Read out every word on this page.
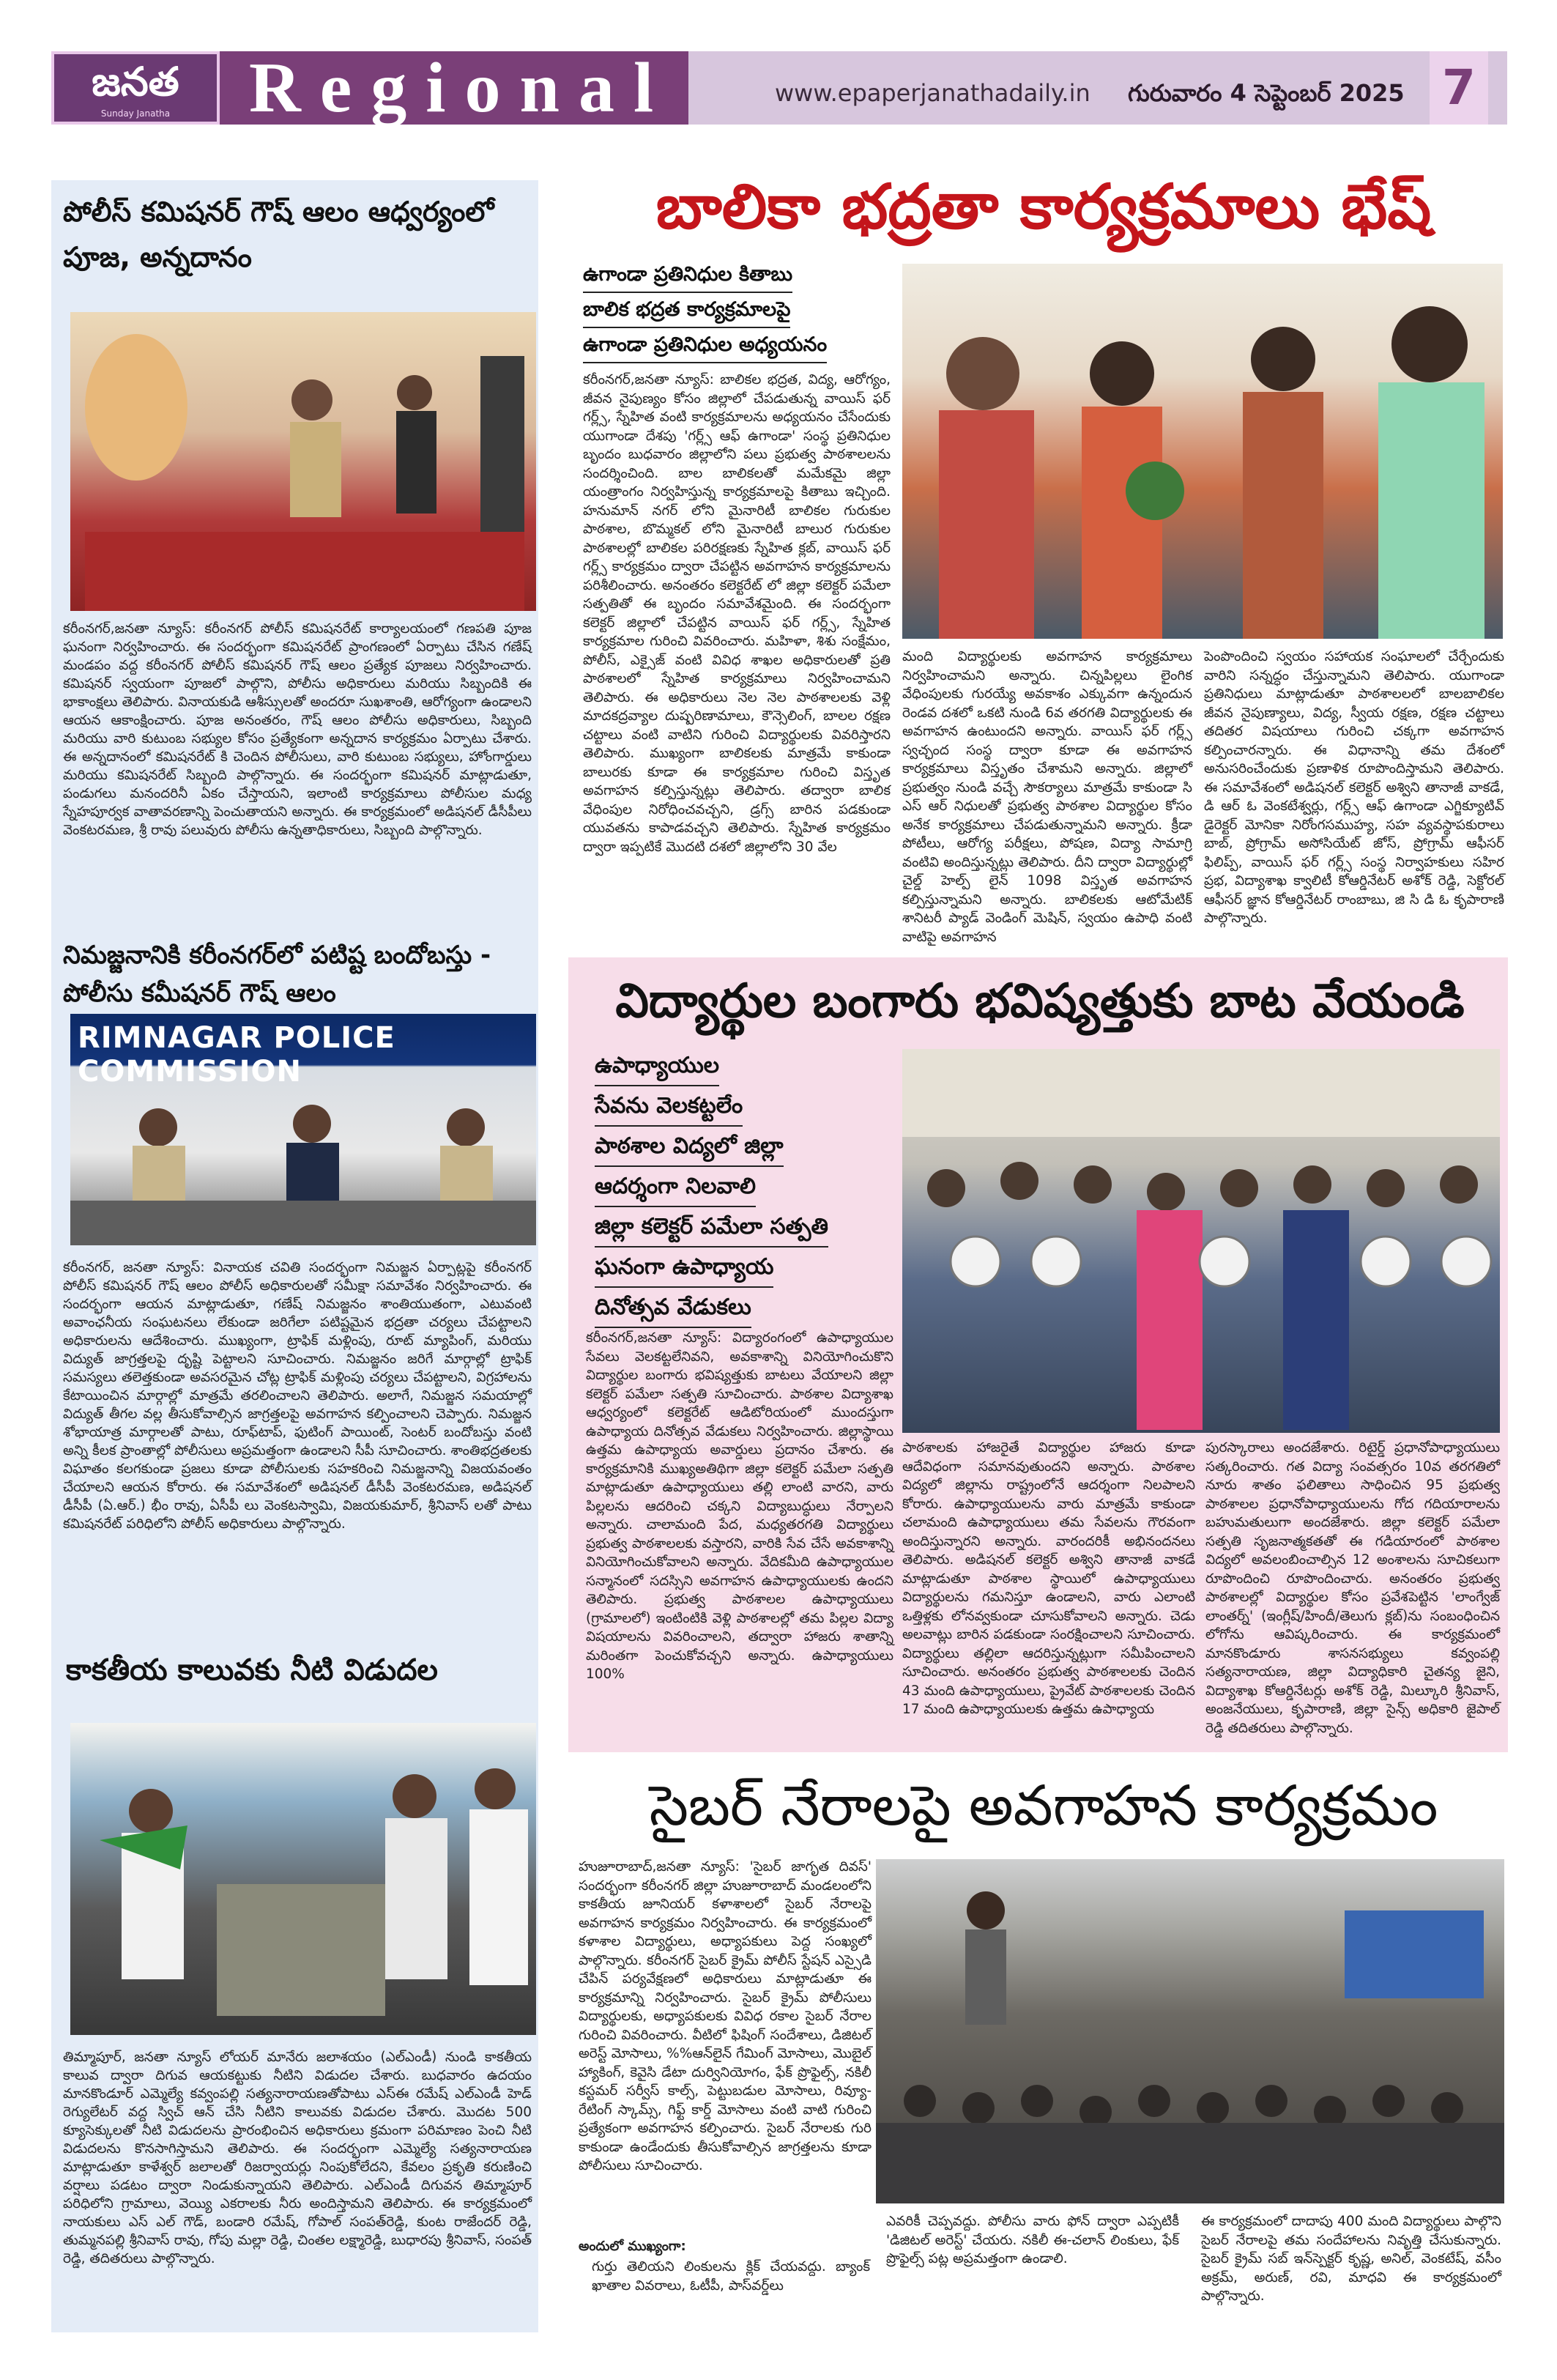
జనత
Sunday Janatha	Regional	www.epaperjanathadaily.in గురువారం 4 సెప్టెంబర్ 2025 7
పోలీస్ కమిషనర్ గౌష్ ఆలం ఆధ్వర్యంలో పూజ, అన్నదానం
కరీంనగర్,జనతా న్యూస్: కరీంనగర్ పోలీస్ కమిషనరేట్ కార్యాలయంలో గణపతి పూజ ఘనంగా నిర్వహించారు. ఈ సందర్భంగా కమిషనరేట్ ప్రాంగణంలో ఏర్పాటు చేసిన గణేష్ మండపం వద్ద కరీంనగర్ పోలీస్ కమిషనర్ గౌష్ ఆలం ప్రత్యేక పూజలు నిర్వహించారు. కమిషనర్ స్వయంగా పూజలో పాల్గొని, పోలీసు అధికారులు మరియు సిబ్బందికి ఈ భాకాంక్షలు తెలిపారు. వినాయకుడి ఆశీస్సులతో అందరూ సుఖశాంతి, ఆరోగ్యంగా ఉండాలని ఆయన ఆకాంక్షించారు. పూజ అనంతరం, గౌష్ ఆలం పోలీసు అధికారులు, సిబ్బంది మరియు వారి కుటుంబ సభ్యుల కోసం ప్రత్యేకంగా అన్నదాన కార్యక్రమం ఏర్పాటు చేశారు. ఈ అన్నదానంలో కమిషనరేట్ కి చెందిన పోలీసులు, వారి కుటుంబ సభ్యులు, హోంగార్డులు మరియు కమిషనరేట్ సిబ్బంది పాల్గొన్నారు. ఈ సందర్భంగా కమిషనర్ మాట్లాడుతూ, పండుగలు మనందరినీ ఏకం చేస్తాయని, ఇలాంటి కార్యక్రమాలు పోలీసుల మధ్య స్నేహపూర్వక వాతావరణాన్ని పెంచుతాయని అన్నారు. ఈ కార్యక్రమంలో అడిషనల్ డీసీపీలు వెంకటరమణ, శ్రీ రావు పలువురు పోలీసు ఉన్నతాధికారులు, సిబ్బంది పాల్గొన్నారు.
నిమజ్జనానికి కరీంనగర్‌లో పటిష్ట బందోబస్తు - పోలీసు కమీషనర్ గౌష్ ఆలం
RIMNAGAR POLICE COMMISSION
కరీంనగర్, జనతా న్యూస్: వినాయక చవితి సందర్భంగా నిమజ్జన ఏర్పాట్లపై కరీంనగర్ పోలీస్ కమిషనర్ గౌష్ ఆలం పోలీస్ అధికారులతో సమీక్షా సమావేశం నిర్వహించారు. ఈ సందర్భంగా ఆయన మాట్లాడుతూ, గణేష్ నిమజ్జనం శాంతియుతంగా, ఎటువంటి అవాంఛనీయ సంఘటనలు లేకుండా జరిగేలా పటిష్టమైన భద్రతా చర్యలు చేపట్టాలని అధికారులను ఆదేశించారు. ముఖ్యంగా, ట్రాఫిక్ మళ్లింపు, రూట్ మ్యాపింగ్, మరియు విద్యుత్ జాగ్రత్తలపై దృష్టి పెట్టాలని సూచించారు. నిమజ్జనం జరిగే మార్గాల్లో ట్రాఫిక్ సమస్యలు తలెత్తకుండా అవసరమైన చోట్ల ట్రాఫిక్ మళ్లింపు చర్యలు చేపట్టాలని, విగ్రహాలను కేటాయించిన మార్గాల్లో మాత్రమే తరలించాలని తెలిపారు. అలాగే, నిమజ్జన సమయాల్లో విద్యుత్ తీగల వల్ల తీసుకోవాల్సిన జాగ్రత్తలపై అవగాహన కల్పించాలని చెప్పారు. నిమజ్జన శోభాయాత్ర మార్గాలతో పాటు, రూఫ్‌టాప్, ఫుటింగ్ పాయింట్, సెంటర్ బందోబస్తు వంటి అన్ని కీలక ప్రాంతాల్లో పోలీసులు అప్రమత్తంగా ఉండాలని సీపీ సూచించారు. శాంతిభద్రతలకు విఘాతం కలగకుండా ప్రజలు కూడా పోలీసులకు సహకరించి నిమజ్జనాన్ని విజయవంతం చేయాలని ఆయన కోరారు. ఈ సమావేశంలో అడిషనల్ డీసీపీ వెంకటరమణ, అడిషనల్ డీసీపీ (ఏ.ఆర్.) భీం రావు, ఏసీపీ లు వెంకటస్వామి, విజయకుమార్, శ్రీనివాస్ లతో పాటు కమిషనరేట్ పరిధిలోని పోలీస్ అధికారులు పాల్గొన్నారు.
కాకతీయ కాలువకు నీటి విడుదల
తిమ్మాపూర్, జనతా న్యూస్ లోయర్ మానేరు జలాశయం (ఎల్‌ఎండీ) నుండి కాకతీయ కాలువ ద్వారా దిగువ ఆయకట్టుకు నీటిని విడుదల చేశారు. బుధవారం ఉదయం మానకొండూర్ ఎమ్మెల్యే కవ్వంపల్లి సత్యనారాయణతోపాటు ఎస్ఈ రమేష్ ఎల్‌ఎండీ హెడ్ రెగ్యులేటర్ వద్ద స్విచ్ ఆన్ చేసి నీటిని కాలువకు విడుదల చేశారు. మొదట 500 క్యూసెక్కులతో నీటి విడుదలను ప్రారంభించిన అధికారులు క్రమంగా పరిమాణం పెంచి నీటి విడుదలను కొనసాగిస్తామని తెలిపారు. ఈ సందర్భంగా ఎమ్మెల్యే సత్యనారాయణ మాట్లాడుతూ కాళేశ్వర్ జలాలతో రిజర్వాయర్లు నింపుకోలేదని, కేవలం ప్రకృతి కరుణించి వర్షాలు పడటం ద్వారా నిండుకున్నాయని తెలిపారు. ఎల్‌ఎండీ దిగువన తిమ్మాపూర్ పరిధిలోని గ్రామాలు, వెయ్యి ఎకరాలకు నీరు అందిస్తామని తెలిపారు. ఈ కార్యక్రమంలో నాయకులు ఎస్ ఎల్ గౌడ్, బండారి రమేష్, గోపాల్ సంపత్‌రెడ్డి, కుంట రాజేందర్ రెడ్డి, తుమ్మనపల్లి శ్రీనివాస్ రావు, గోపు మల్లా రెడ్డి, చింతల లక్ష్మారెడ్డి, బుధారపు శ్రీనివాస్, సంపత్ రెడ్డి, తదితరులు పాల్గొన్నారు.
బాలికా భద్రతా కార్యక్రమాలు భేష్
ఉగాండా ప్రతినిధుల కితాబు
బాలిక భద్రత కార్యక్రమాలపై
ఉగాండా ప్రతినిధుల అధ్యయనం
కరీంనగర్,జనతా న్యూస్: బాలికల భద్రత, విద్య, ఆరోగ్యం, జీవన నైపుణ్యం కోసం జిల్లాలో చేపడుతున్న వాయిస్ ఫర్ గర్ల్స్, స్నేహిత వంటి కార్యక్రమాలను అధ్యయనం చేసేందుకు యుగాండా దేశపు 'గర్ల్స్ ఆఫ్ ఉగాండా' సంస్థ ప్రతినిధుల బృందం బుధవారం జిల్లాలోని పలు ప్రభుత్వ పాఠశాలలను సందర్శించింది. బాల బాలికలతో మమేకమై జిల్లా యంత్రాంగం నిర్వహిస్తున్న కార్యక్రమాలపై కితాబు ఇచ్చింది. హనుమాన్ నగర్ లోని మైనారిటీ బాలికల గురుకుల పాఠశాల, బొమ్మకల్ లోని మైనారిటీ బాలుర గురుకుల పాఠశాలల్లో బాలికల పరిరక్షణకు స్నేహిత క్లబ్, వాయిస్ ఫర్ గర్ల్స్ కార్యక్రమం ద్వారా చేపట్టిన అవగాహన కార్యక్రమాలను పరిశీలించారు. అనంతరం కలెక్టరేట్ లో జిల్లా కలెక్టర్ పమేలా సత్పతితో ఈ బృందం సమావేశమైంది. ఈ సందర్భంగా కలెక్టర్ జిల్లాలో చేపట్టిన వాయిస్ ఫర్ గర్ల్స్, స్నేహిత కార్యక్రమాల గురించి వివరించారు. మహిళా, శిశు సంక్షేమం, పోలీస్, ఎక్సైజ్ వంటి వివిధ శాఖల అధికారులతో ప్రతి పాఠశాలలో స్నేహిత కార్యక్రమాలు నిర్వహించామని తెలిపారు. ఈ అధికారులు నెల నెల పాఠశాలలకు వెళ్లి మాదకద్రవ్యాల దుష్పరిణామాలు, కౌన్సెలింగ్, బాలల రక్షణ చట్టాలు వంటి వాటిని గురించి విద్యార్థులకు వివరిస్తారని తెలిపారు. ముఖ్యంగా బాలికలకు మాత్రమే కాకుండా బాలురకు కూడా ఈ కార్యక్రమాల గురించి విస్తృత అవగాహన కల్పిస్తున్నట్లు తెలిపారు. తద్వారా బాలిక వేధింపుల నిరోధించవచ్చని, డ్రగ్స్ బారిన పడకుండా యువతను కాపాడవచ్చని తెలిపారు. స్నేహిత కార్యక్రమం ద్వారా ఇప్పటికే మొదటి దశలో జిల్లాలోని 30 వేల
మంది విద్యార్థులకు అవగాహన కార్యక్రమాలు నిర్వహించామని అన్నారు. చిన్నపిల్లలు లైంగిక వేధింపులకు గురయ్యే అవకాశం ఎక్కువగా ఉన్నందున రెండవ దశలో ఒకటి నుండి 6వ తరగతి విద్యార్థులకు ఈ అవగాహన ఉంటుందని అన్నారు. వాయిస్ ఫర్ గర్ల్స్ స్వచ్ఛంద సంస్థ ద్వారా కూడా ఈ అవగాహన కార్యక్రమాలు విస్తృతం చేశామని అన్నారు. జిల్లాలో ప్రభుత్వం నుండి వచ్చే సౌకర్యాలు మాత్రమే కాకుండా సి ఎస్ ఆర్ నిధులతో ప్రభుత్వ పాఠశాల విద్యార్థుల కోసం అనేక కార్యక్రమాలు చేపడుతున్నామని అన్నారు. క్రీడా పోటీలు, ఆరోగ్య పరీక్షలు, పోషణ, విద్యా సామాగ్రి వంటివి అందిస్తున్నట్లు తెలిపారు. దీని ద్వారా విద్యార్థుల్లో చైల్డ్ హెల్ప్ లైన్ 1098 విస్తృత అవగాహన కల్పిస్తున్నామని అన్నారు. బాలికలకు ఆటోమేటిక్ శానిటరీ ప్యాడ్ వెండింగ్ మెషిన్, స్వయం ఉపాధి వంటి వాటిపై అవగాహన
పెంపొందించి స్వయం సహాయక సంఘాలలో చేర్చేందుకు వారిని సన్నద్ధం చేస్తున్నామని తెలిపారు. యుగాండా ప్రతినిధులు మాట్లాడుతూ పాఠశాలలలో బాలబాలికల జీవన నైపుణ్యాలు, విద్య, స్వీయ రక్షణ, రక్షణ చట్టాలు తదితర విషయాలు గురించి చక్కగా అవగాహన కల్పించారన్నారు. ఈ విధానాన్ని తమ దేశంలో అనుసరించేందుకు ప్రణాళిక రూపొందిస్తామని తెలిపారు. ఈ సమావేశంలో అడిషనల్ కలెక్టర్ అశ్విని తానాజీ వాకడే, డి ఆర్ ఓ వెంకటేశ్వర్లు, గర్ల్స్ ఆఫ్ ఉగాండా ఎగ్జిక్యూటివ్ డైరెక్టర్ మోనికా నిరోంగసముహ్య, సహ వ్యవస్థాపకురాలు బాబ్, ప్రోగ్రామ్ అసోసియేట్ జోస్, ప్రోగ్రామ్ ఆఫీసర్ ఫిలిప్ప్, వాయిస్ ఫర్ గర్ల్స్ సంస్థ నిర్వాహకులు సహిర ప్రభ, విద్యాశాఖ క్వాలిటీ కోఆర్డినేటర్ అశోక్ రెడ్డి, సెక్టోరల్ ఆఫీసర్ జ్ఞాన కోఆర్డినేటర్ రాంబాబు, జి సి డి ఓ కృపారాణి పాల్గొన్నారు.
విద్యార్థుల బంగారు భవిష్యత్తుకు బాట వేయండి
ఉపాధ్యాయుల
సేవను వెలకట్టలేం
పాఠశాల విద్యలో జిల్లా
ఆదర్శంగా నిలవాలి
జిల్లా కలెక్టర్ పమేలా సత్పతి
ఘనంగా ఉపాధ్యాయ
దినోత్సవ వేడుకలు
కరీంనగర్,జనతా న్యూస్: విద్యారంగంలో ఉపాధ్యాయుల సేవలు వెలకట్టలేనివని, అవకాశాన్ని వినియోగించుకొని విద్యార్థుల బంగారు భవిష్యత్తుకు బాటలు వేయాలని జిల్లా కలెక్టర్ పమేలా సత్పతి సూచించారు. పాఠశాల విద్యాశాఖ ఆధ్వర్యంలో కలెక్టరేట్ ఆడిటోరియంలో ముందస్తుగా ఉపాధ్యాయ దినోత్సవ వేడుకలు నిర్వహించారు. జిల్లాస్థాయి ఉత్తమ ఉపాధ్యాయ అవార్డులు ప్రదానం చేశారు. ఈ కార్యక్రమానికి ముఖ్యఅతిథిగా జిల్లా కలెక్టర్ పమేలా సత్పతి మాట్లాడుతూ ఉపాధ్యాయులు తల్లి లాంటి వారని, వారు పిల్లలను ఆదరించి చక్కని విద్యాబుద్ధులు నేర్పాలని అన్నారు. చాలామంది పేద, మధ్యతరగతి విద్యార్థులు ప్రభుత్వ పాఠశాలలకు వస్తారని, వారికి సేవ చేసే అవకాశాన్ని వినియోగించుకోవాలని అన్నారు. వేదికమీది ఉపాధ్యాయుల సన్మానంలో సదస్సిని అవగాహన ఉపాధ్యాయులకు ఉందని తెలిపారు. ప్రభుత్వ పాఠశాలల ఉపాధ్యాయులు (గ్రామాలలో) ఇంటింటికి వెళ్లి పాఠశాలల్లో తమ పిల్లల విద్యా విషయాలను వివరించాలని, తద్వారా హాజరు శాతాన్ని మరింతగా పెంచుకోవచ్చని అన్నారు. ఉపాధ్యాయులు 100%
పాఠశాలకు హాజరైతే విద్యార్థుల హాజరు కూడా ఆదేవిధంగా సమానవుతుందని అన్నారు. పాఠశాల విద్యలో జిల్లాను రాష్ట్రంలోనే ఆదర్శంగా నిలపాలని కోరారు. ఉపాధ్యాయులను వారు మాత్రమే కాకుండా చలామంది ఉపాధ్యాయులు తమ సేవలను గౌరవంగా అందిస్తున్నారని అన్నారు. వారందరికీ అభినందనలు తెలిపారు. అడిషనల్ కలెక్టర్ అశ్విని తానాజీ వాకడే మాట్లాడుతూ పాఠశాల స్థాయిలో ఉపాధ్యాయులు విద్యార్థులను గమనిస్తూ ఉండాలని, వారు ఎలాంటి ఒత్తిళ్లకు లోనవ్వకుండా చూసుకోవాలని అన్నారు. చెడు అలవాట్లు బారిన పడకుండా సంరక్షించాలని సూచించారు. విద్యార్థులు తల్లిలా ఆదరిస్తున్నట్లుగా సమీపించాలని సూచించారు. అనంతరం ప్రభుత్వ పాఠశాలలకు చెందిన 43 మంది ఉపాధ్యాయులు, ప్రైవేట్ పాఠశాలలకు చెందిన 17 మంది ఉపాధ్యాయులకు ఉత్తమ ఉపాధ్యాయ
పురస్కారాలు అందజేశారు. రిటైర్డ్ ప్రధానోపాధ్యాయులు సత్కరించారు. గత విద్యా సంవత్సరం 10వ తరగతిలో నూరు శాతం ఫలితాలు సాధించిన 95 ప్రభుత్వ పాఠశాలల ప్రధానోపాధ్యాయులను గోద గదియారాలను బహుమతులుగా అందజేశారు. జిల్లా కలెక్టర్ పమేలా సత్పతి సృజనాత్మకతతో ఈ గడియారంలో పాఠశాల విద్యలో అవలంబించాల్సిన 12 అంశాలను సూచికలుగా రూపొందించి రూపొందించారు. అనంతరం ప్రభుత్వ పాఠశాలల్లో విద్యార్థుల కోసం ప్రవేశపెట్టిన 'లాంగ్వేజ్ లాంతర్న్' (ఇంగ్లీష్/హిందీ/తెలుగు క్లబ్)ను సంబంధించిన లోగోను ఆవిష్కరించారు. ఈ కార్యక్రమంలో మానకొండూరు శాసనసభ్యులు కవ్వంపల్లి సత్యనారాయణ, జిల్లా విద్యాధికారి చైతన్య జైని, విద్యాశాఖ కోఆర్డినేటర్లు అశోక్ రెడ్డి, మిల్కూరి శ్రీనివాస్, అంజనేయులు, కృపారాణి, జిల్లా సైన్స్ అధికారి జైపాల్ రెడ్డి తదితరులు పాల్గొన్నారు.
సైబర్ నేరాలపై అవగాహన కార్యక్రమం
హుజూరాబాద్,జనతా న్యూస్: 'సైబర్ జాగృత దివస్' సందర్భంగా కరీంనగర్ జిల్లా హుజూరాబాద్ మండలంలోని కాకతీయ జూనియర్ కళాశాలలో సైబర్ నేరాలపై అవగాహన కార్యక్రమం నిర్వహించారు. ఈ కార్యక్రమంలో కళాశాల విద్యార్థులు, అధ్యాపకులు పెద్ద సంఖ్యలో పాల్గొన్నారు. కరీంనగర్ సైబర్ క్రైమ్ పోలీస్ స్టేషన్ ఎస్సైడి చేపిన్ పర్యవేక్షణలో అధికారులు మాట్లాడుతూ ఈ కార్యక్రమాన్ని నిర్వహించారు. సైబర్ క్రైమ్ పోలీసులు విద్యార్థులకు, అధ్యాపకులకు వివిధ రకాల సైబర్ నేరాల గురించి వివరించారు. వీటిలో ఫిషింగ్ సందేశాలు, డిజిటల్ అరెస్ట్ మోసాలు, %%ఆన్‌లైన్ గేమింగ్ మోసాలు, మొబైల్ హ్యాకింగ్, కెవైసి డేటా దుర్వినియోగం, ఫేక్ ప్రొఫైల్స్, నకిలీ కస్టమర్ సర్వీస్ కాల్స్, పెట్టుబడుల మోసాలు, రివ్యూ-రేటింగ్ స్కామ్స్, గిఫ్ట్ కార్డ్ మోసాలు వంటి వాటి గురించి ప్రత్యేకంగా అవగాహన కల్పించారు. సైబర్ నేరాలకు గురి కాకుండా ఉండేందుకు తీసుకోవాల్సిన జాగ్రత్తలను కూడా పోలీసులు సూచించారు.
అందులో ముఖ్యంగా:
గుర్తు తెలియని లింకులను క్లిక్ చేయవద్దు. బ్యాంక్ ఖాతాల వివరాలు, ఓటీపీ, పాస్‌వర్డ్‌లు
ఎవరికీ చెప్పవద్దు. పోలీసు వారు ఫోన్ ద్వారా ఎప్పటికీ 'డిజిటల్ అరెస్ట్' చేయరు. నకిలీ ఈ-చలాన్ లింకులు, ఫేక్ ప్రొఫైల్స్ పట్ల అప్రమత్తంగా ఉండాలి.
ఈ కార్యక్రమంలో దాదాపు 400 మంది విద్యార్థులు పాల్గొని సైబర్ నేరాలపై తమ సందేహాలను నివృత్తి చేసుకున్నారు. సైబర్ క్రైమ్ సబ్ ఇన్‌స్పెక్టర్ కృష్ణ, అనిల్, వెంకటేష్, వసీం అక్రమ్, అరుణ్, రవి, మాధవి ఈ కార్యక్రమంలో పాల్గొన్నారు.
